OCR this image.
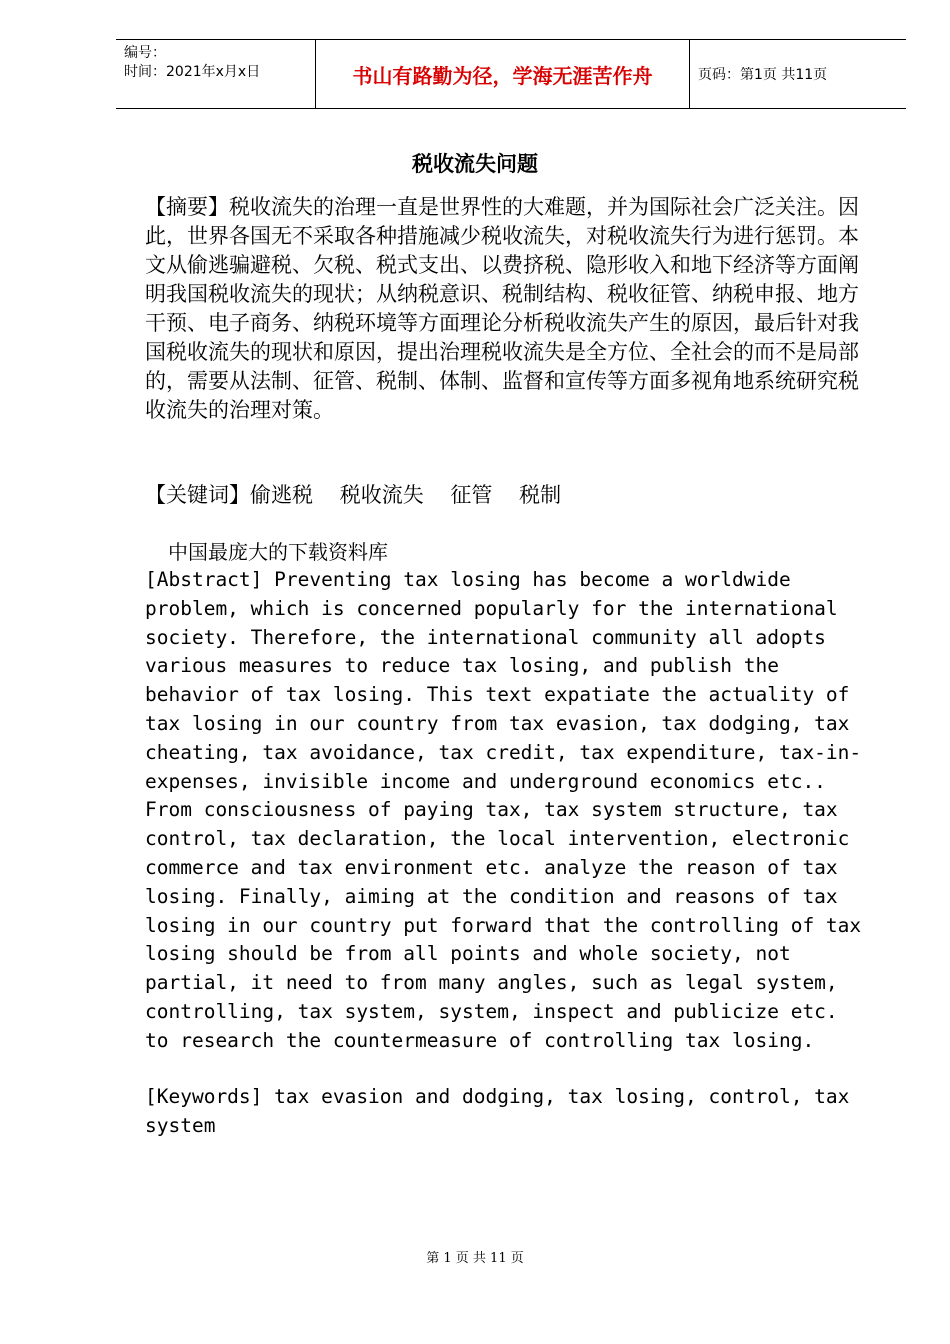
编号：
时间：2021年x月x日	书山有路勤为径，学海无涯苦作舟	页码：第1页 共11页
税收流失问题
【摘要】税收流失的治理一直是世界性的大难题，并为国际社会广泛关注。因此，世界各国无不采取各种措施减少税收流失，对税收流失行为进行惩罚。本文从偷逃骗避税、欠税、税式支出、以费挤税、隐形收入和地下经济等方面阐明我国税收流失的现状；从纳税意识、税制结构、税收征管、纳税申报、地方干预、电子商务、纳税环境等方面理论分析税收流失产生的原因，最后针对我国税收流失的现状和原因，提出治理税收流失是全方位、全社会的而不是局部的，需要从法制、征管、税制、体制、监督和宣传等方面多视角地系统研究税收流失的治理对策。
【关键词】偷逃税    税收流失    征管    税制
中国最庞大的下载资料库
[Abstract] Preventing tax losing has become a worldwide
problem, which is concerned popularly for the international
society. Therefore, the international community all adopts
various measures to reduce tax losing, and publish the
behavior of tax losing. This text expatiate the actuality of
tax losing in our country from tax evasion, tax dodging, tax
cheating, tax avoidance, tax credit, tax expenditure, tax-in-
expenses, invisible income and underground economics etc..
From consciousness of paying tax, tax system structure, tax
control, tax declaration, the local intervention, electronic
commerce and tax environment etc. analyze the reason of tax
losing. Finally, aiming at the condition and reasons of tax
losing in our country put forward that the controlling of tax
losing should be from all points and whole society, not
partial, it need to from many angles, such as legal system,
controlling, tax system, system, inspect and publicize etc.
to research the countermeasure of controlling tax losing.
[Keywords] tax evasion and dodging, tax losing, control, tax
system
第 1 页 共 11 页
